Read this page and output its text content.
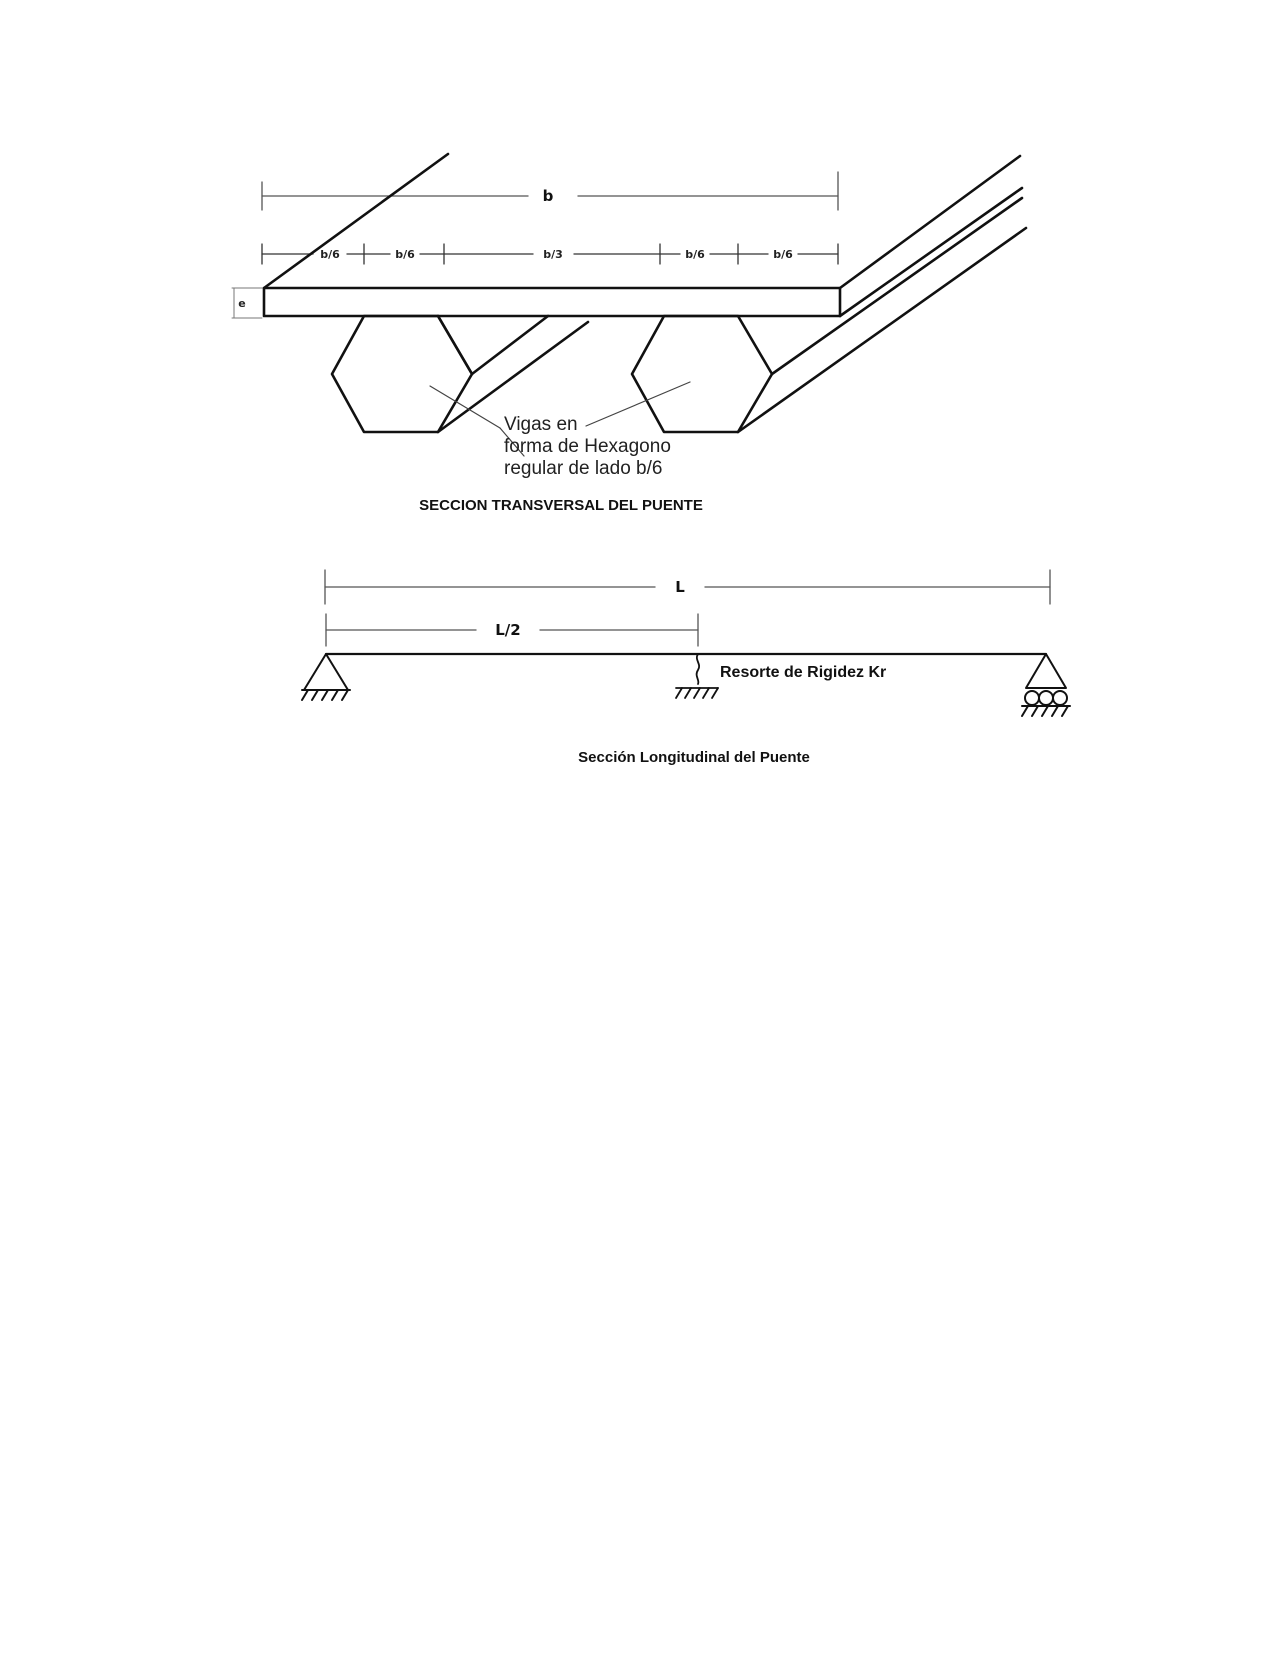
b
b/6	b/6	b/3	b/6	b/6
e
Vigas en
forma de Hexagono
regular de lado b/6
SECCION TRANSVERSAL DEL PUENTE
L
L/2
Resorte de Rigidez Kr
Sección Longitudinal del Puente
